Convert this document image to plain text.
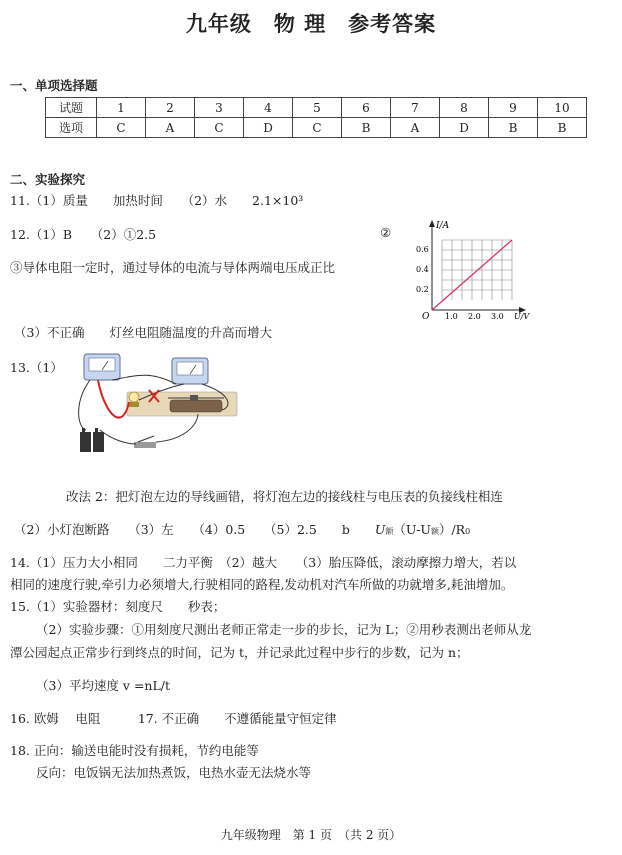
九年级　物 理　参考答案
一、单项选择题
试题	1	2	3	4	5	6	7	8	9	10
选项	C	A	C	D	C	B	A	D	B	B
二、实验探究
11.（1）质量　　加热时间　　（2）水　　2.1×10³
12.（1）B　　（2）①2.5	②
③导体电阻一定时，通过导体的电流与导体两端电压成正比
I/A
0.6
0.4
0.2
O 1.0 2.0 3.0 U/V
（3）不正确　　灯丝电阻随温度的升高而增大
13.（1）
改法 2：把灯泡左边的导线画错，将灯泡左边的接线柱与电压表的负接线柱相连
（2）小灯泡断路　　（3）左　　（4）0.5　　（5）2.5　　b　　U额（U-U额）/R0
14.（1）压力大小相同　　二力平衡　（2）越大　　（3）胎压降低，滚动摩擦力增大，若以
相同的速度行驶,牵引力必须增大,行驶相同的路程,发动机对汽车所做的功就增多,耗油增加。
15.（1）实验器材：刻度尺　　秒表；
（2）实验步骤：①用刻度尺测出老师正常走一步的步长，记为 L；②用秒表测出老师从龙
潭公园起点正常步行到终点的时间，记为 t，并记录此过程中步行的步数，记为 n；
（3）平均速度 v =nL/t
16. 欧姆　 电阻　　　17. 不正确　　不遵循能量守恒定律
18. 正向：输送电能时没有损耗，节约电能等
反向：电饭锅无法加热煮饭，电热水壶无法烧水等
九年级物理　第 1 页　（共 2 页）
